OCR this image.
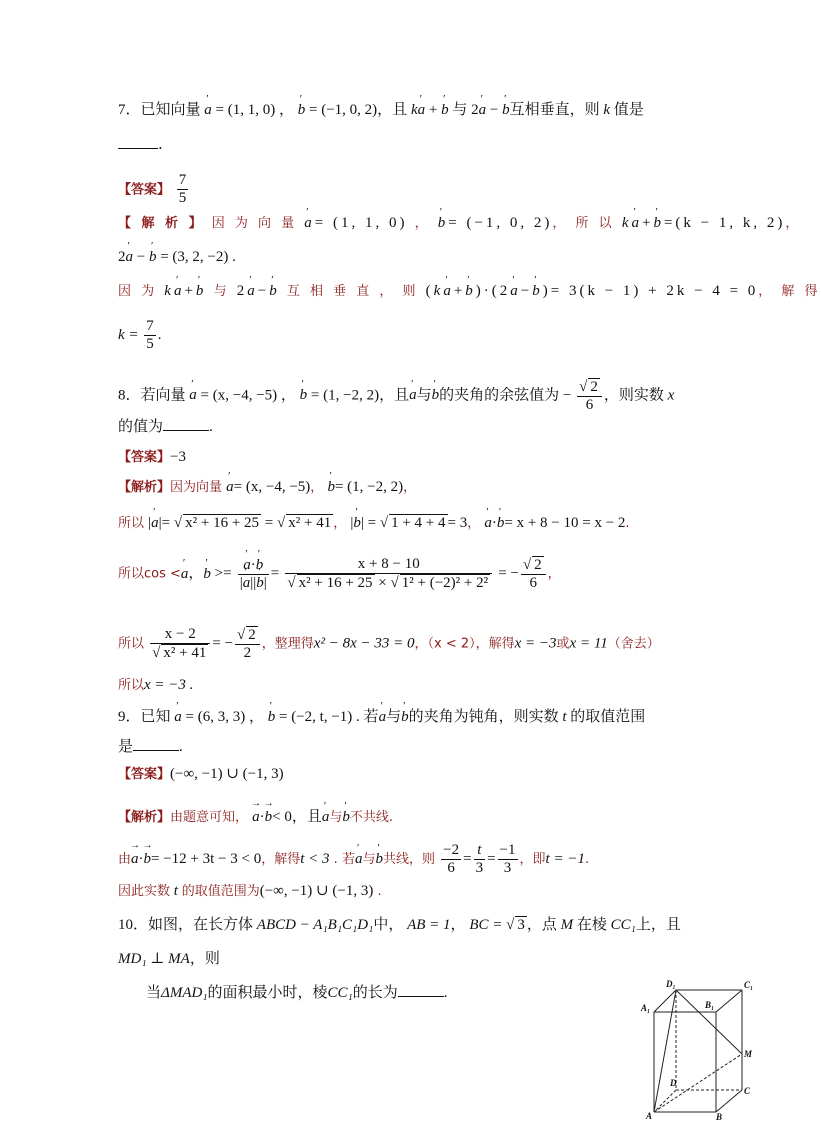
7．已知向量 ʹ a = (1, 1, 0) ， ʹ b = (−1, 0, 2)，且 kʹ a + ʹ b 与 2ʹ a − ʹ b互相垂直，则 k 值是
.
【答案】 $\frac{7}{5}$
【 解 析 】 因 为 向 量 ʹ a= (1, 1, 0) ， ʹ b= (−1, 0, 2)， 所 以 kʹ a+ʹ b=(k − 1, k, 2)，
2ʹ a − ʹ b = (3, 2, −2) .
因 为 kʹ a+ʹ b 与 2ʹ a−ʹ b 互 相 垂 直 ， 则 (kʹ a+ʹ b)·(2ʹ a−ʹ b)= 3(k − 1) + 2k − 4 = 0， 解 得
$k = \frac{7}{5}$ .
8．若向量 ʹ a = (x, −4, −5) ， ʹ b = (1, −2, 2)，且ʹ a与ʹ b的夹角的余弦值为 − $\frac{√ 2}{6}$ ，则实数 x
的值为	.
【答案】−3
【解析】因为向量 ʹ a= (x, −4, −5)， ʹ b= (1, −2, 2)，
所以 |ʹ a|= √ x² + 16 + 25 = √ x² + 41 ， |ʹ b| = √ 1 + 4 + 4 = 3， ʹ a·ʹ b= x + 8 − 10 = x − 2.
所以cos <ʹ a，ʹ b >= ʹ $\frac{\text{a·ʹ b}}{\text{|ʹ a||ʹ b|}} = \frac{x + 8 - 10}{\text{√ x² + 16 + 25 × √ 1² + (−2)² + 2²}}$ = − $\frac{√ 2}{6}$ ，
所以 $\frac{x - 2}{\text{√ x² + 41}}$ = − $\frac{√ 2}{2}$ ，整理得x² − 8x − 33 = 0，（x < 2），解得x = −3或x = 11（舍去）
所以x = −3 .
9．已知 ʹ a = (6, 3, 3) ， ʹ b = (−2, t, −1) . 若ʹ a与ʹ b的夹角为钝角，则实数 t 的取值范围
是	.
【答案】(−∞, −1) ∪ (−1, 3)
【解析】由题意可知， → a·→ b< 0，且ʹ a与ʹ b不共线.
由→ a·→ b= −12 + 3t − 3 < 0，解得t < 3 . 若ʹ a与ʹ b共线，则 $\frac{-2}{6} = \frac{t}{3} = \frac{-1}{3}$ ，即t = −1.
因此实数 t 的取值范围为(−∞, −1) ∪ (−1, 3) .
10．如图，在长方体 ABCD − A₁B₁C₁D₁中， AB = 1， BC = √ 3 ，点 M 在棱 CC₁上，且
MD₁ ⊥ MA，则
当ΔMAD₁的面积最小时，棱CC₁的长为	.
D₁	C₁
A₁	B₁
M
D
C
A	B
